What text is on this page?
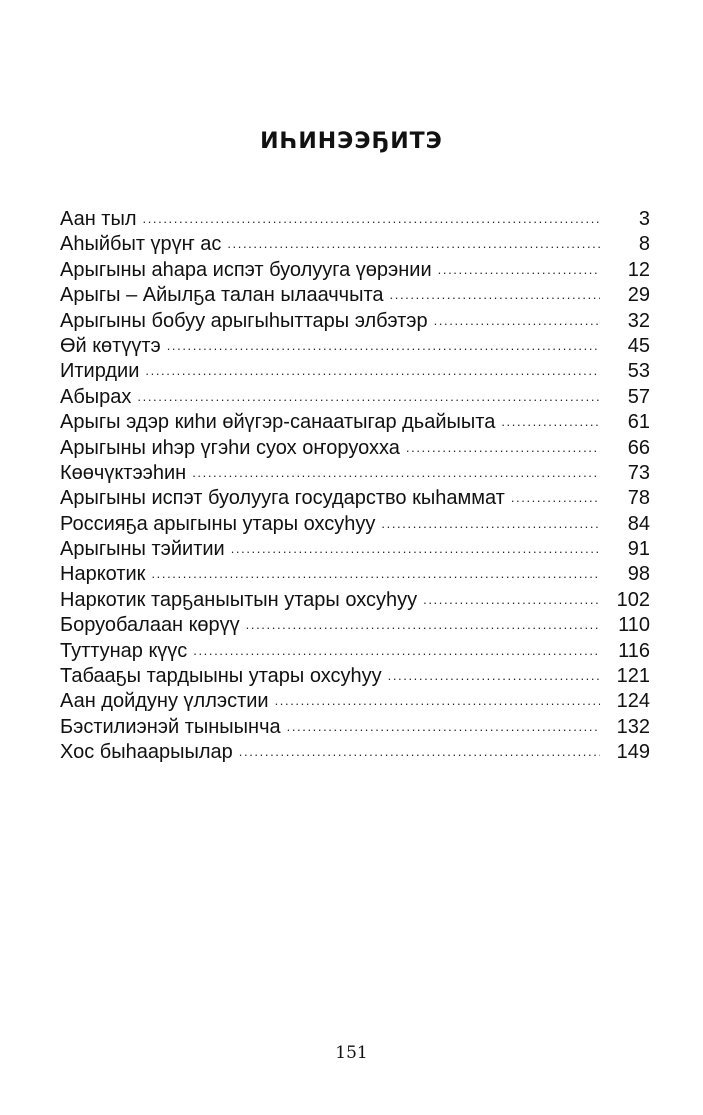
ИҺИНЭЭҔИТЭ
Аан тыл .....	3
Аһыйбыт үрүҥ ас .....	8
Арыгыны аһара испэт буолууга үөрэнии .....	12
Арыгы – Айылҕа талан ылааччыта .....	29
Арыгыны бобуу арыгыһыттары элбэтэр .....	32
Өй көтүүтэ .....	45
Итирдии .....	53
Абырах .....	57
Арыгы эдэр киһи өйүгэр-санаатыгар дьайыыта .....	61
Арыгыны иһэр үгэһи суох оҥоруохха .....	66
Көөчүктээһин .....	73
Арыгыны испэт буолууга государство кыһаммат .....	78
Россияҕа арыгыны утары охсуһуу .....	84
Арыгыны тэйитии .....	91
Наркотик .....	98
Наркотик тарҕаныытын утары охсуһуу .....	102
Боруобалаан көрүү .....	110
Туттунар күүс .....	116
Табааҕы тардыыны утары охсуһуу .....	121
Аан дойдуну үллэстии .....	124
Бэстилиэнэй тыныынча .....	132
Хос быһаарыылар .....	149
151
